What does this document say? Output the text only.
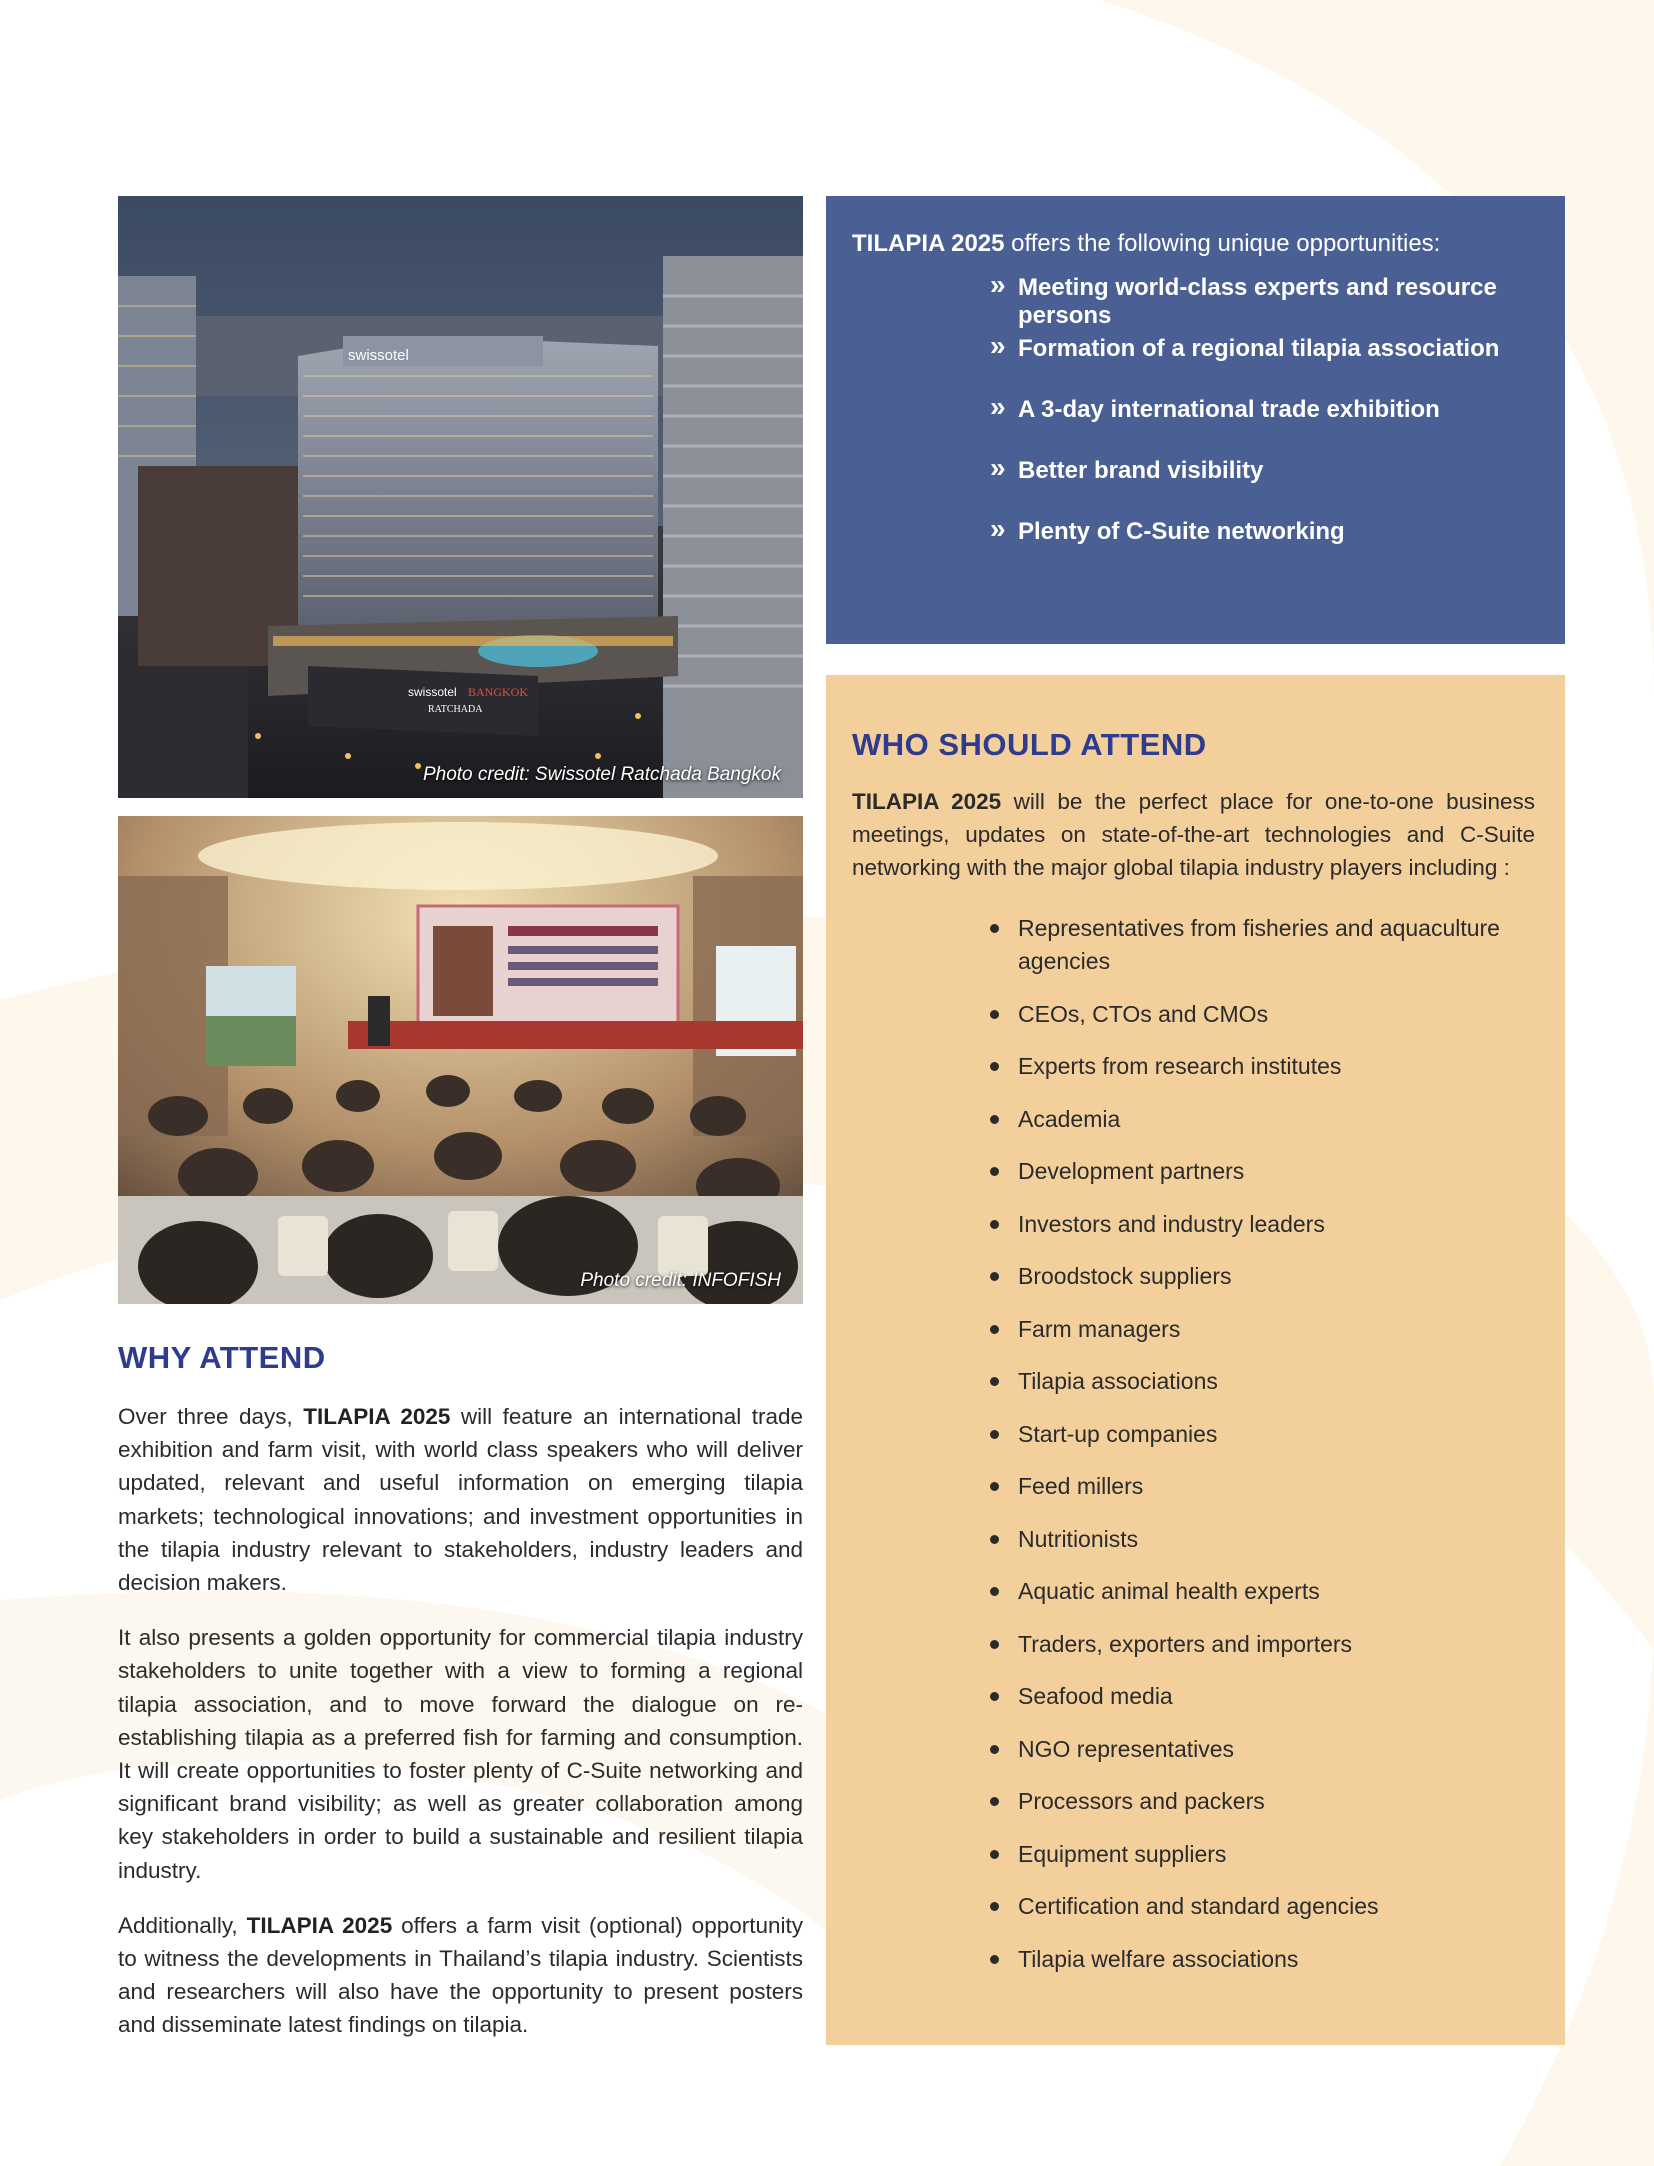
swissotel
swissotel BANGKOK
RATCHADA
Photo credit: Swissotel Ratchada Bangkok
Photo credit: INFOFISH

TILAPIA 2025 offers the following unique opportunities:

» Meeting world-class experts and resource persons
» Formation of a regional tilapia association
» A 3-day international trade exhibition
» Better brand visibility
» Plenty of C-Suite networking
WHO SHOULD ATTEND

TILAPIA 2025 will be the perfect place for one-to-one business meetings, updates on state-of-the-art technologies and C-Suite networking with the major global tilapia industry players including :

Representatives from fisheries and aquaculture agencies
CEOs, CTOs and CMOs
Experts from research institutes
Academia
Development partners
Investors and industry leaders
Broodstock suppliers
Farm managers
Tilapia associations
Start-up companies
Feed millers
Nutritionists
Aquatic animal health experts
Traders, exporters and importers
Seafood media
NGO representatives
Processors and packers
Equipment suppliers
Certification and standard agencies
Tilapia welfare associations
WHY ATTEND

Over three days, TILAPIA 2025 will feature an international trade exhibition and farm visit, with world class speakers who will deliver updated, relevant and useful information on emerging tilapia markets; technological innovations; and investment opportunities in the tilapia industry relevant to stakeholders, industry leaders and decision makers.

It also presents a golden opportunity for commercial tilapia industry stakeholders to unite together with a view to forming a regional tilapia association, and to move forward the dialogue on re-establishing tilapia as a preferred fish for farming and consumption. It will create opportunities to foster plenty of C-Suite networking and significant brand visibility; as well as greater collaboration among key stakeholders in order to build a sustainable and resilient tilapia industry.

Additionally, TILAPIA 2025 offers a farm visit (optional) opportunity to witness the developments in Thailand’s tilapia industry. Scientists and researchers will also have the opportunity to present posters and disseminate latest findings on tilapia.
